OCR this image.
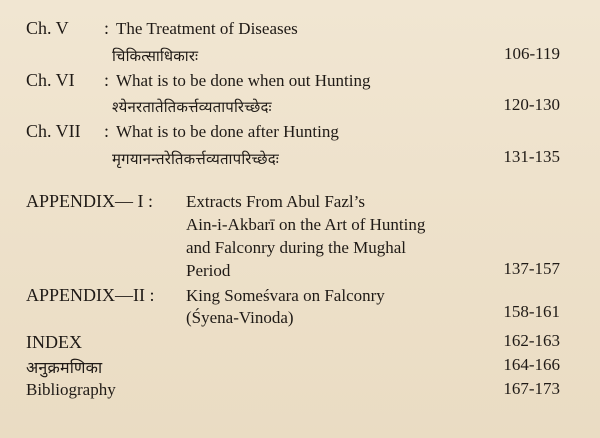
Ch. V : The Treatment of Diseases
चिकित्साधिकारः	106-119
Ch. VI : What is to be done when out Hunting
श्येनरतातेतिकर्त्तव्यतापरिच्छेदः	120-130
Ch. VII : What is to be done after Hunting
मृगयानन्तरेतिकर्त्तव्यतापरिच्छेदः	131-135
APPENDIX— I : Extracts From Abul Fazl’s
Ain-i-Akbarī on the Art of Hunting
and Falconry during the Mughal
Period	137-157
APPENDIX—II : King Someśvara on Falconry
(Śyena-Vinoda)	158-161
INDEX	162-163
अनुक्रमणिका	164-166
Bibliography	167-173
